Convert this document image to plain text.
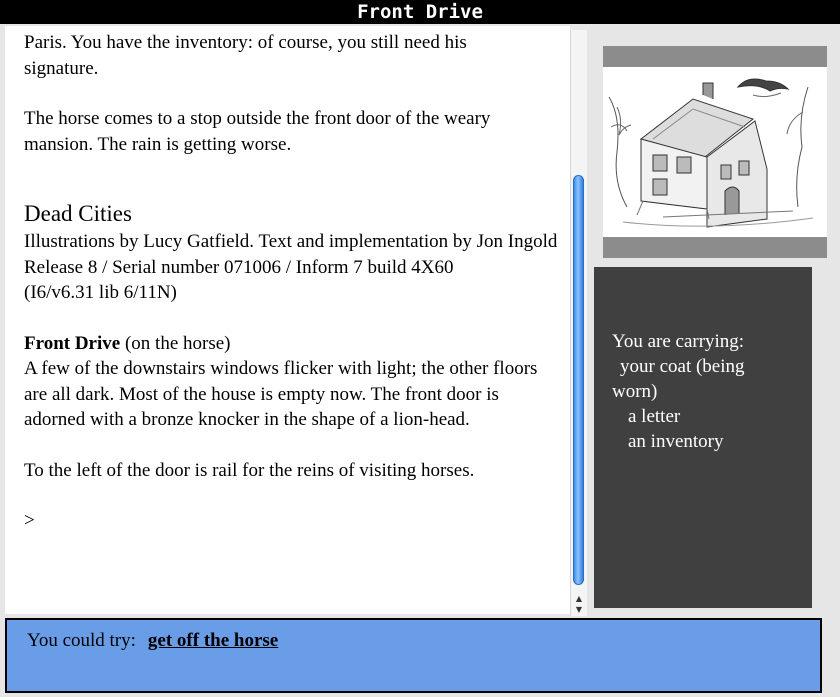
Front Drive

Paris. You have the inventory: of course, you still need his

signature.

The horse comes to a stop outside the front door of the weary mansion. The rain is getting worse.

Dead Cities

Illustrations by Lucy Gatfield. Text and implementation by Jon Ingold

Release 8 / Serial number 071006 / Inform 7 build 4X60

(I6/v6.31 lib 6/11N)

Front Drive (on the horse)

A few of the downstairs windows flicker with light; the other floors are all dark. Most of the house is empty now. The front door is adorned with a bronze knocker in the shape of a lion-head.

To the left of the door is rail for the reins of visiting horses.

>

▲
▼

You are carrying:

your coat (being

worn)

a letter

an inventory

You could try: get off the horse
